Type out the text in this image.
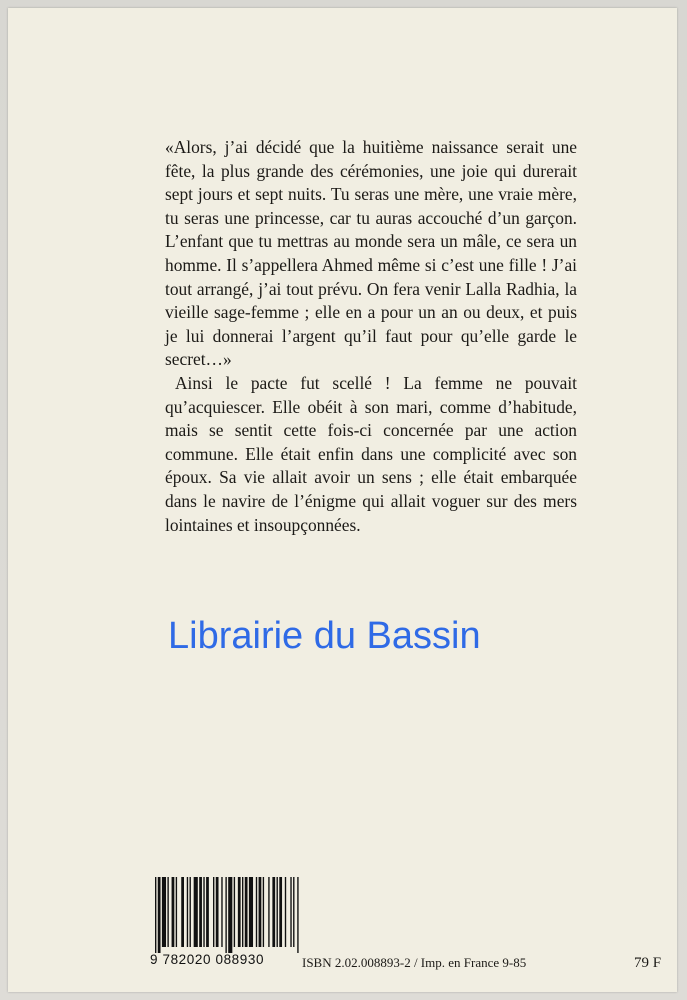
«Alors, j’ai décidé que la huitième naissance serait une fête, la plus grande des cérémonies, une joie qui durerait sept jours et sept nuits. Tu seras une mère, une vraie mère, tu seras une princesse, car tu auras accouché d’un garçon. L’enfant que tu mettras au monde sera un mâle, ce sera un homme. Il s’appellera Ahmed même si c’est une fille ! J’ai tout arrangé, j’ai tout prévu. On fera venir Lalla Radhia, la vieille sage-femme ; elle en a pour un an ou deux, et puis je lui donnerai l’argent qu’il faut pour qu’elle garde le secret…»

Ainsi le pacte fut scellé ! La femme ne pouvait qu’acquiescer. Elle obéit à son mari, comme d’habitude, mais se sentit cette fois-ci concernée par une action commune. Elle était enfin dans une complicité avec son époux. Sa vie allait avoir un sens ; elle était embarquée dans le navire de l’énigme qui allait voguer sur des mers lointaines et insoupçonnées.

Librairie du Bassin
9 782020 088930	ISBN 2.02.008893-2 / Imp. en France 9-85	79 F
